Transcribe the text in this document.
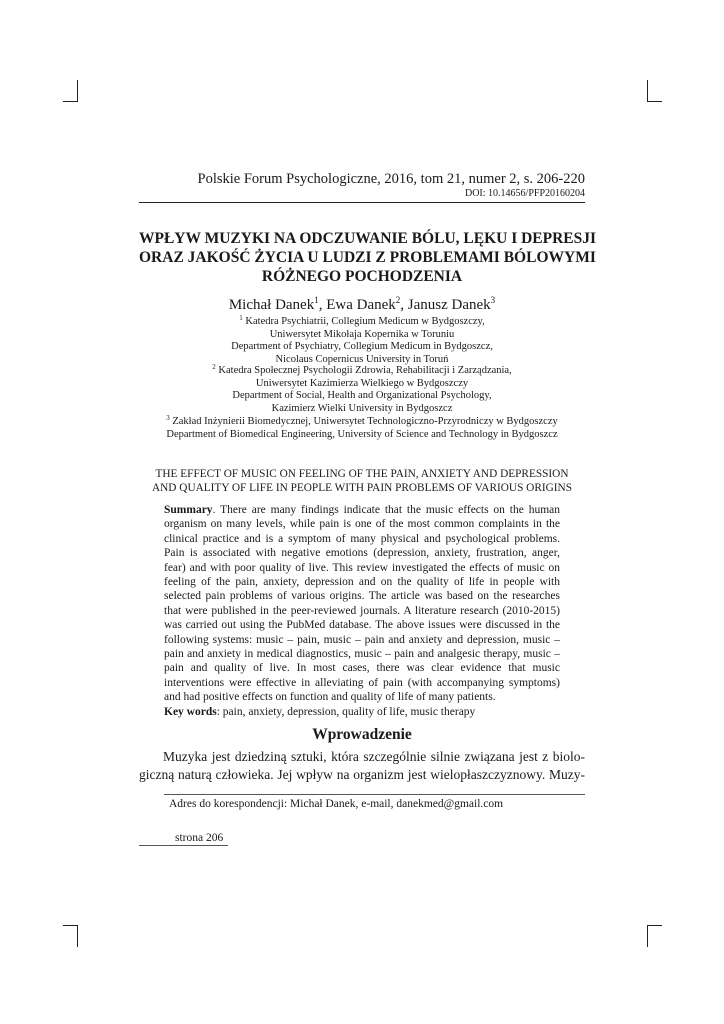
Polskie Forum Psychologiczne, 2016, tom 21, numer 2, s. 206-220
DOI: 10.14656/PFP20160204
WPŁYW MUZYKI NA ODCZUWANIE BÓLU, LĘKU I DEPRESJI
ORAZ JAKOŚĆ ŻYCIA U LUDZI Z PROBLEMAMI BÓLOWYMI
RÓŻNEGO POCHODZENIA
Michał Danek$^1$, Ewa Danek$^2$, Janusz Danek$^3$
$^1$ Katedra Psychiatrii, Collegium Medicum w Bydgoszczy,
Uniwersytet Mikołaja Kopernika w Toruniu
Department of Psychiatry, Collegium Medicum in Bydgoszcz,
Nicolaus Copernicus University in Toruń
$^2$ Katedra Społecznej Psychologii Zdrowia, Rehabilitacji i Zarządzania,
Uniwersytet Kazimierza Wielkiego w Bydgoszczy
Department of Social, Health and Organizational Psychology,
Kazimierz Wielki University in Bydgoszcz
$^3$ Zakład Inżynierii Biomedycznej, Uniwersytet Technologiczno-Przyrodniczy w Bydgoszczy
Department of Biomedical Engineering, University of Science and Technology in Bydgoszcz
THE EFFECT OF MUSIC ON FEELING OF THE PAIN, ANXIETY AND DEPRESSION
AND QUALITY OF LIFE IN PEOPLE WITH PAIN PROBLEMS OF VARIOUS ORIGINS
Summary. There are many findings indicate that the music effects on the human organism on many levels, while pain is one of the most common complaints in the clinical practice and is a symptom of many physical and psychological problems. Pain is associated with negative emotions (depression, anxiety, frustration, anger, fear) and with poor quality of live. This review investigated the effects of music on feeling of the pain, anxiety, depression and on the quality of life in people with selected pain problems of various origins. The article was based on the researches that were published in the peer-reviewed journals. A literature research (2010-2015) was carried out using the PubMed database. The above issues were discussed in the following systems: music – pain, music – pain and anxiety and depression, music – pain and anxiety in medical diagnostics, music – pain and analgesic therapy, music – pain and quality of live. In most cases, there was clear evidence that music interventions were effective in alleviating of pain (with accompanying symptoms) and had positive effects on function and quality of life of many patients.
Key words: pain, anxiety, depression, quality of life, music therapy
Wprowadzenie
Muzyka jest dziedziną sztuki, która szczególnie silnie związana jest z biolo-
giczną naturą człowieka. Jej wpływ na organizm jest wielopłaszczyznowy. Muzy-
Adres do korespondencji: Michał Danek, e-mail, danekmed@gmail.com
strona 206
